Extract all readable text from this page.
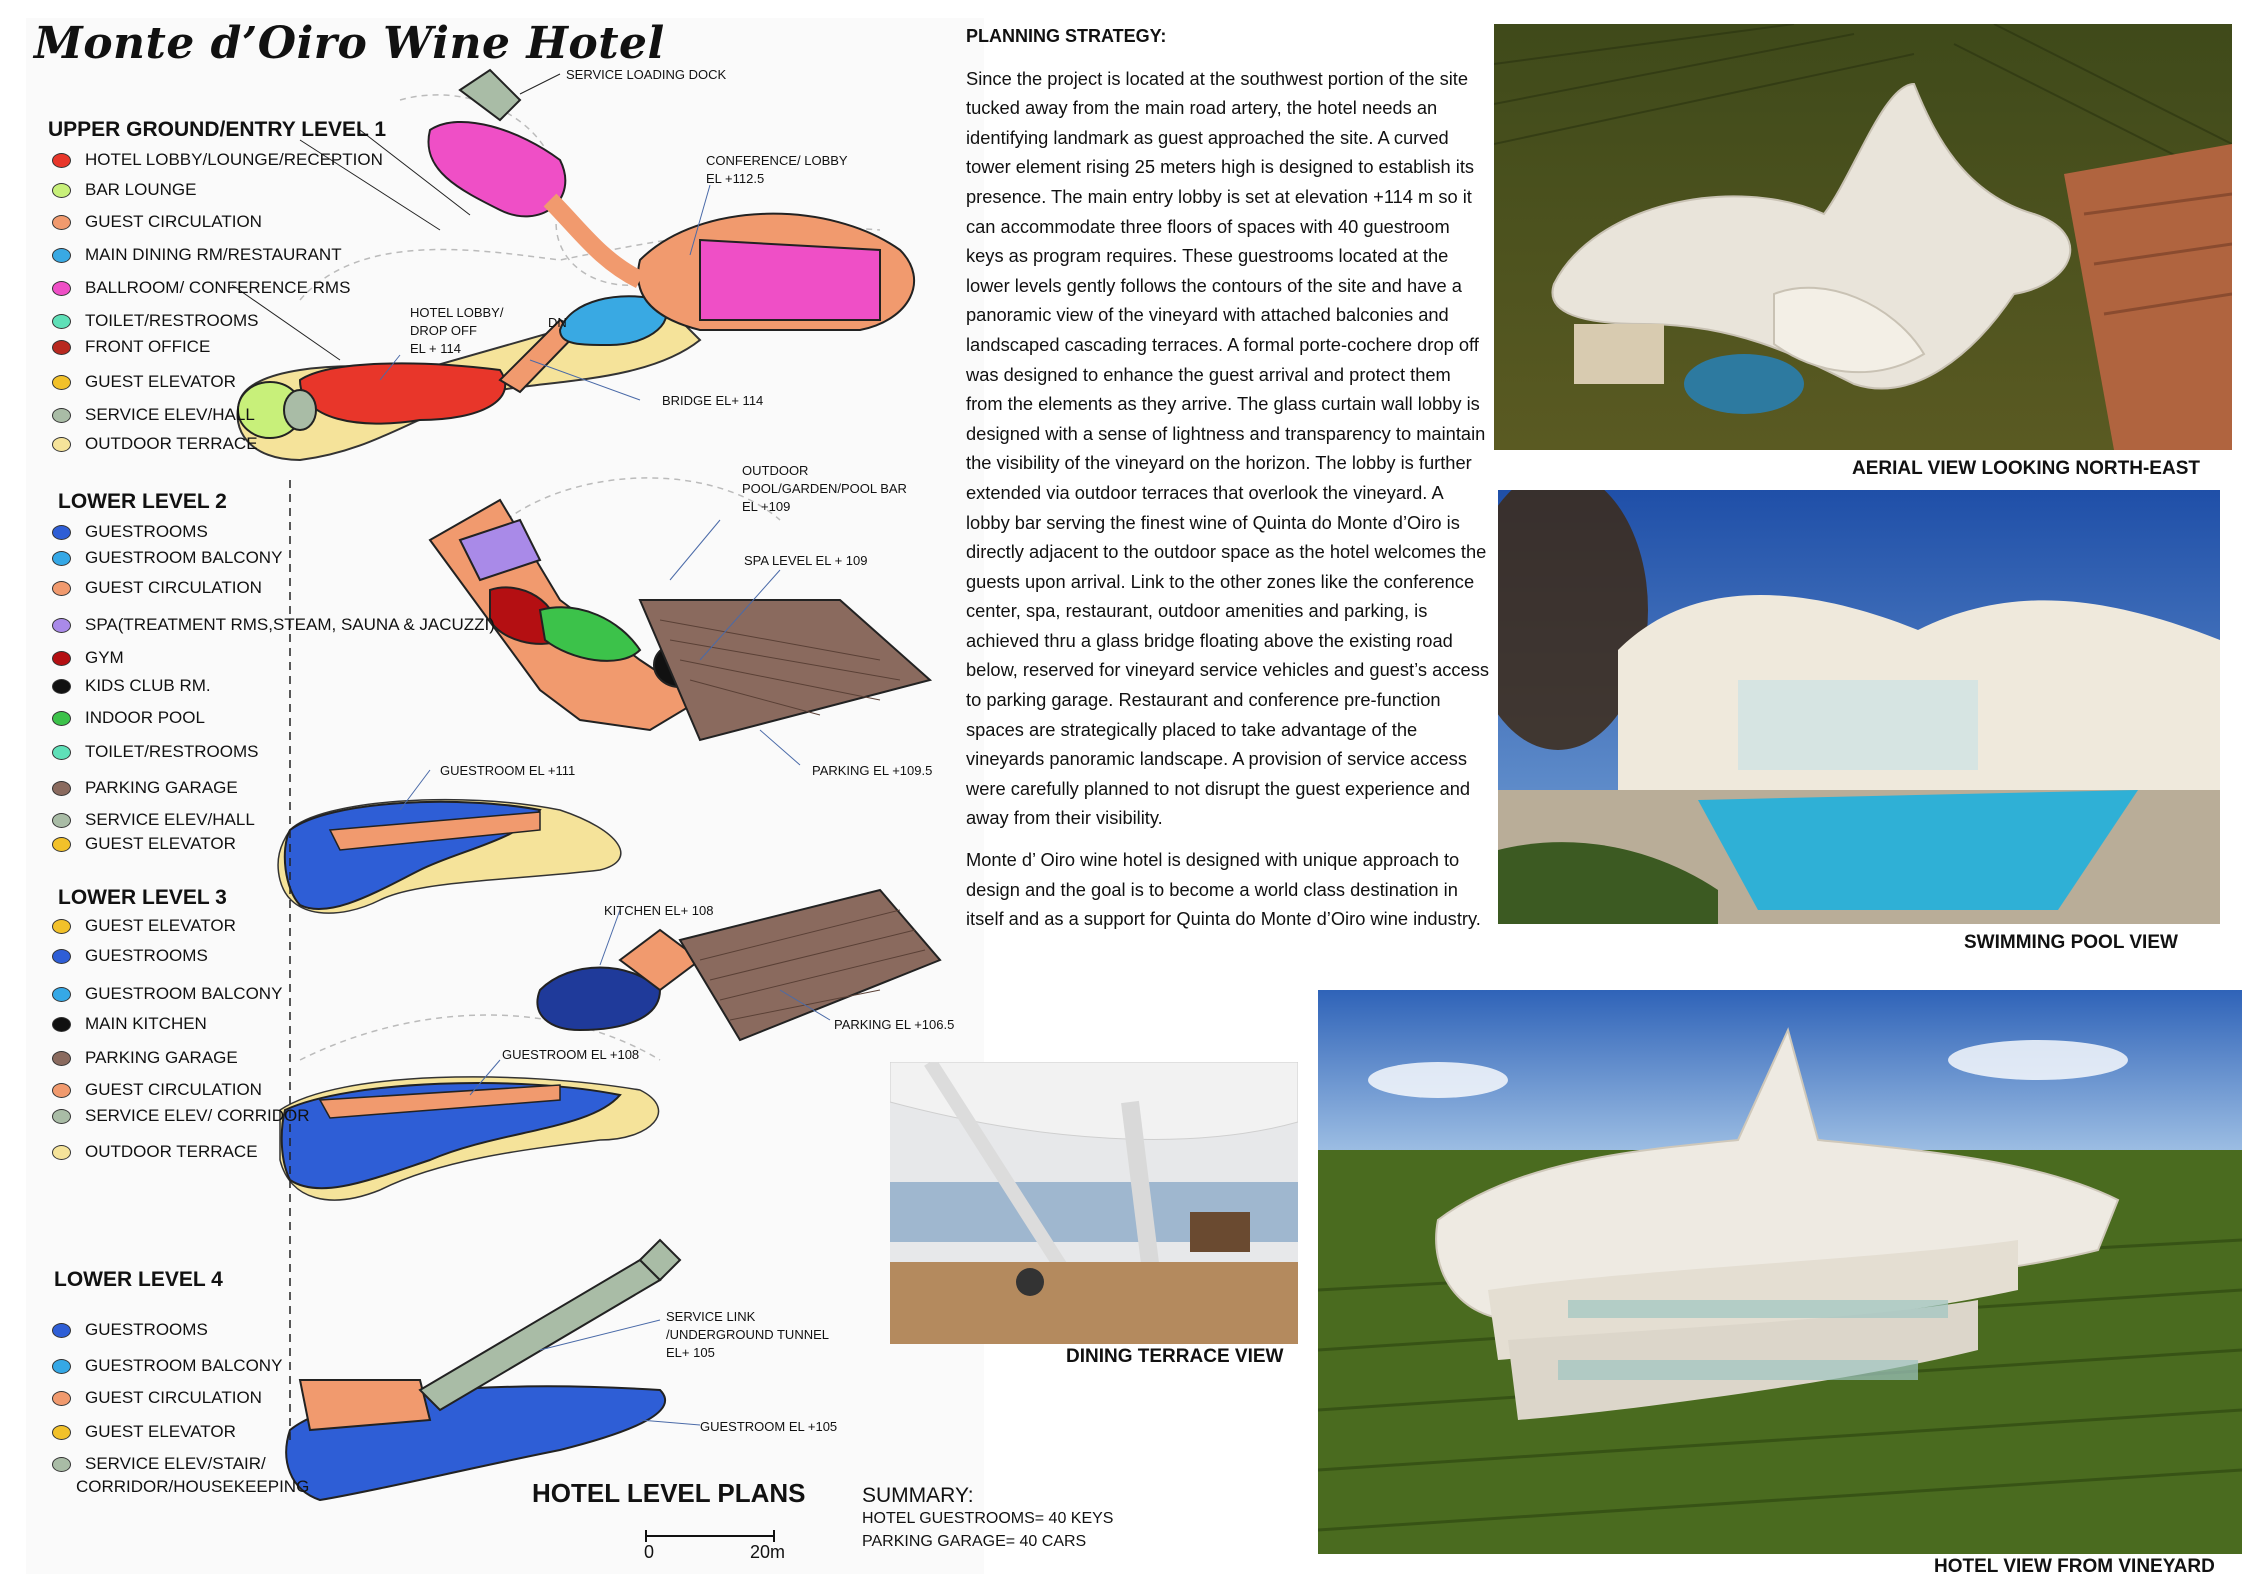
Monte d’Oiro Wine Hotel
UPPER GROUND/ENTRY LEVEL 1
HOTEL LOBBY/LOUNGE/RECEPTION
BAR LOUNGE
GUEST CIRCULATION
MAIN DINING RM/RESTAURANT
BALLROOM/ CONFERENCE RMS
TOILET/RESTROOMS
FRONT OFFICE
GUEST ELEVATOR
SERVICE ELEV/HALL
OUTDOOR TERRACE
LOWER LEVEL 2
GUESTROOMS
GUESTROOM BALCONY
GUEST CIRCULATION
SPA(TREATMENT RMS,STEAM, SAUNA & JACUZZI)
GYM
KIDS CLUB RM.
INDOOR POOL
TOILET/RESTROOMS
PARKING GARAGE
SERVICE ELEV/HALL
GUEST ELEVATOR
LOWER LEVEL 3
GUEST ELEVATOR
GUESTROOMS
GUESTROOM BALCONY
MAIN KITCHEN
PARKING GARAGE
GUEST CIRCULATION
SERVICE ELEV/ CORRIDOR
OUTDOOR TERRACE
LOWER LEVEL 4
GUESTROOMS
GUESTROOM BALCONY
GUEST CIRCULATION
GUEST ELEVATOR
SERVICE ELEV/STAIR/
CORRIDOR/HOUSEKEEPING
SERVICE LOADING DOCK
CONFERENCE/ LOBBY
EL +112.5
HOTEL LOBBY/
DROP OFF
EL + 114
DN
BRIDGE EL+ 114
OUTDOOR
POOL/GARDEN/POOL BAR
EL +109
SPA LEVEL EL + 109
PARKING EL +109.5
GUESTROOM EL +111
KITCHEN EL+ 108
PARKING EL +106.5
GUESTROOM EL +108
SERVICE LINK
/UNDERGROUND TUNNEL
EL+ 105
GUESTROOM EL +105
HOTEL LEVEL PLANS
0	20m
SUMMARY:
HOTEL GUESTROOMS= 40 KEYS
PARKING GARAGE= 40 CARS
PLANNING STRATEGY:

Since the project is located at the southwest portion of the site tucked away from the main road artery, the hotel needs an identifying landmark as guest approached the site. A curved tower element rising 25 meters high is designed to establish its presence. The main entry lobby is set at elevation +114 m so it can accommodate three floors of spaces with 40 guestroom keys as program requires. These guestrooms located at the lower levels gently follows the contours of the site and have a panoramic view of the vineyard with attached balconies and landscaped cascading terraces. A formal porte-cochere drop off was designed to enhance the guest arrival and protect them from the elements as they arrive. The glass curtain wall lobby is designed with a sense of lightness and transparency to maintain the visibility of the vineyard on the horizon. The lobby is further extended via outdoor terraces that overlook the vineyard. A lobby bar serving the finest wine of Quinta do Monte d’Oiro is directly adjacent to the outdoor space as the hotel welcomes the guests upon arrival. Link to the other zones like the conference center, spa, restaurant, outdoor amenities and parking, is achieved thru a glass bridge floating above the existing road below, reserved for vineyard service vehicles and guest’s access to parking garage. Restaurant and conference pre-function spaces are strategically placed to take advantage of the vineyards panoramic landscape. A provision of service access were carefully planned to not disrupt the guest experience and away from their visibility.

Monte d’ Oiro wine hotel is designed with unique approach to design and the goal is to become a world class destination in itself and as a support for Quinta do Monte d’Oiro wine industry.

AERIAL VIEW LOOKING NORTH-EAST
SWIMMING POOL VIEW
DINING TERRACE VIEW
HOTEL VIEW FROM VINEYARD
